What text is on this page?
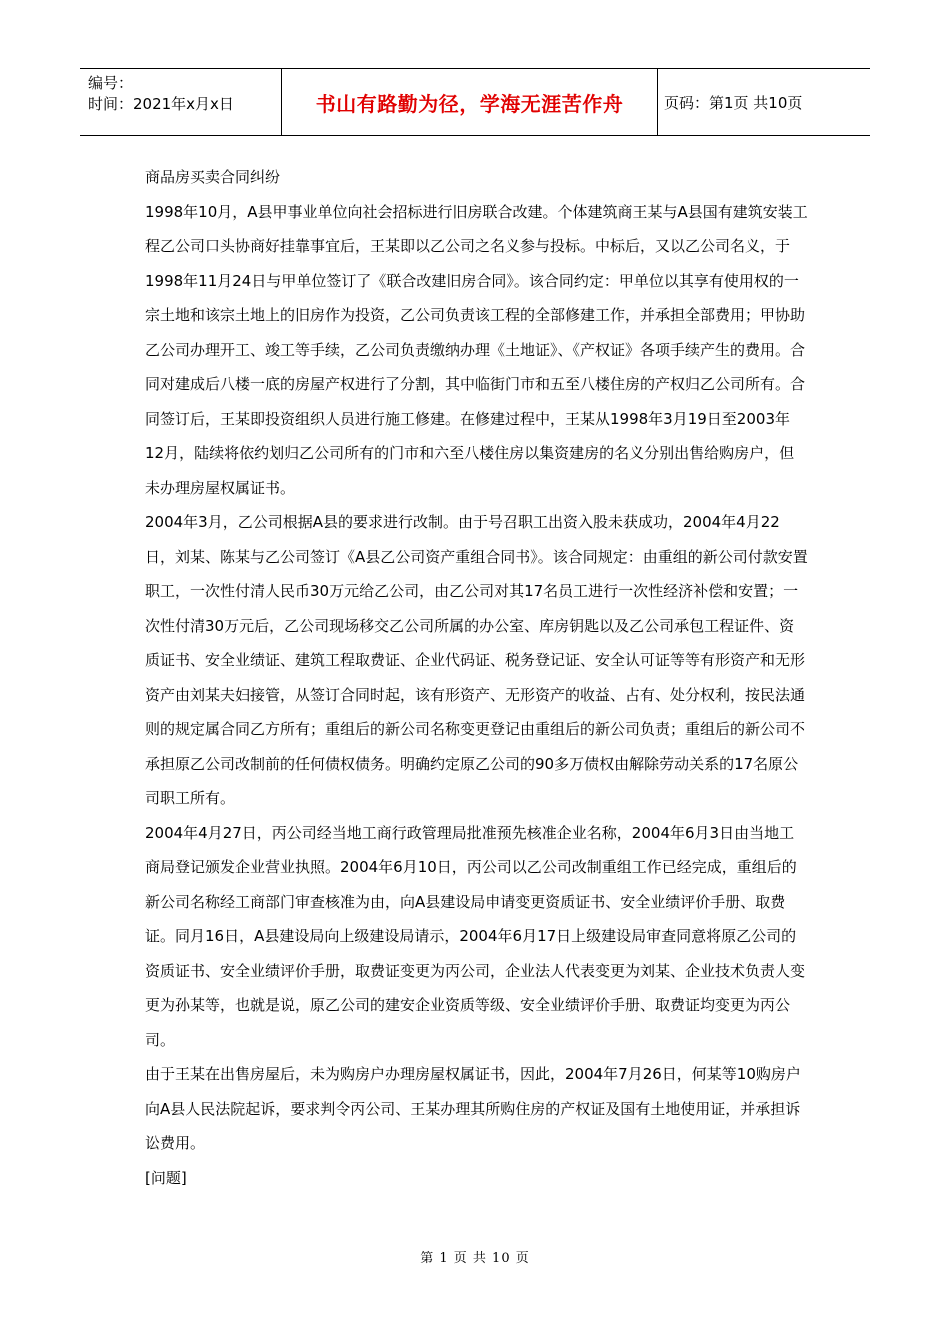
编号：
时间：2021年x月x日	书山有路勤为径，学海无涯苦作舟	页码：第1页 共10页

商品房买卖合同纠纷

1998年10月，A县甲事业单位向社会招标进行旧房联合改建。个体建筑商王某与A县国有建筑安装工程乙公司口头协商好挂靠事宜后，王某即以乙公司之名义参与投标。中标后，又以乙公司名义，于1998年11月24日与甲单位签订了《联合改建旧房合同》。该合同约定：甲单位以其享有使用权的一宗土地和该宗土地上的旧房作为投资，乙公司负责该工程的全部修建工作，并承担全部费用；甲协助乙公司办理开工、竣工等手续，乙公司负责缴纳办理《土地证》、《产权证》各项手续产生的费用。合同对建成后八楼一底的房屋产权进行了分割，其中临街门市和五至八楼住房的产权归乙公司所有。合同签订后，王某即投资组织人员进行施工修建。在修建过程中，王某从1998年3月19日至2003年12月，陆续将依约划归乙公司所有的门市和六至八楼住房以集资建房的名义分别出售给购房户，但未办理房屋权属证书。

2004年3月，乙公司根据A县的要求进行改制。由于号召职工出资入股未获成功，2004年4月22日，刘某、陈某与乙公司签订《A县乙公司资产重组合同书》。该合同规定：由重组的新公司付款安置职工，一次性付清人民币30万元给乙公司，由乙公司对其17名员工进行一次性经济补偿和安置；一次性付清30万元后，乙公司现场移交乙公司所属的办公室、库房钥匙以及乙公司承包工程证件、资质证书、安全业绩证、建筑工程取费证、企业代码证、税务登记证、安全认可证等等有形资产和无形资产由刘某夫妇接管，从签订合同时起，该有形资产、无形资产的收益、占有、处分权利，按民法通则的规定属合同乙方所有；重组后的新公司名称变更登记由重组后的新公司负责；重组后的新公司不承担原乙公司改制前的任何债权债务。明确约定原乙公司的90多万债权由解除劳动关系的17名原公司职工所有。

2004年4月27日，丙公司经当地工商行政管理局批准预先核准企业名称，2004年6月3日由当地工商局登记颁发企业营业执照。2004年6月10日，丙公司以乙公司改制重组工作已经完成，重组后的新公司名称经工商部门审查核准为由，向A县建设局申请变更资质证书、安全业绩评价手册、取费证。同月16日，A县建设局向上级建设局请示，2004年6月17日上级建设局审查同意将原乙公司的资质证书、安全业绩评价手册，取费证变更为丙公司，企业法人代表变更为刘某、企业技术负责人变更为孙某等，也就是说，原乙公司的建安企业资质等级、安全业绩评价手册、取费证均变更为丙公司。

由于王某在出售房屋后，未为购房户办理房屋权属证书，因此，2004年7月26日，何某等10购房户向A县人民法院起诉，要求判令丙公司、王某办理其所购住房的产权证及国有土地使用证，并承担诉讼费用。

[问题]

第 1 页 共 10 页
